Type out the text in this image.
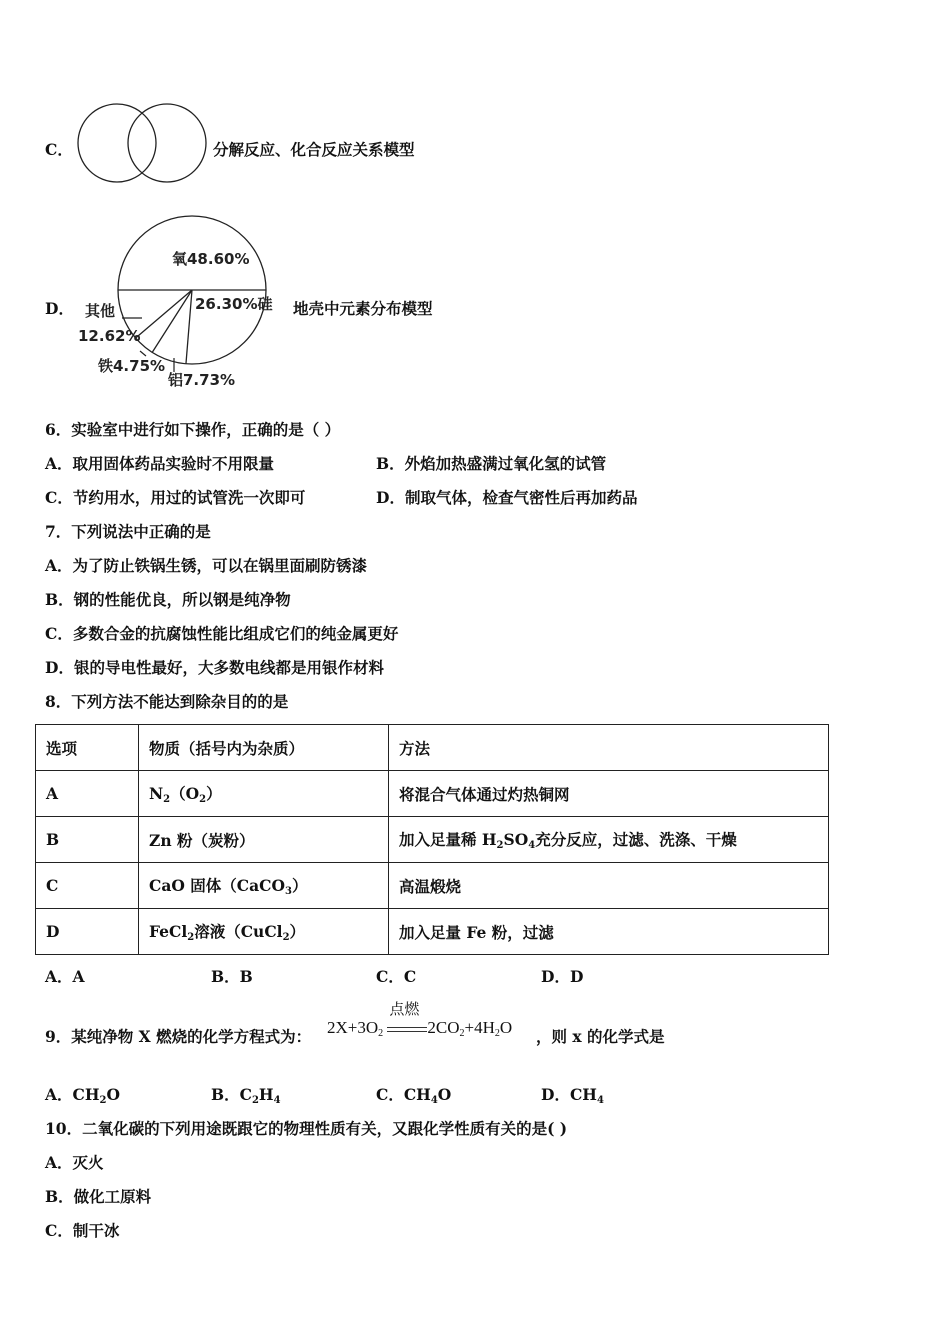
C．	分解反应、化合反应关系模型
D．
氧48.60%
26.30%硅
其他
12.62%
铁4.75%
铝7.73%
地壳中元素分布模型
6．实验室中进行如下操作，正确的是（ ）
A．取用固体药品实验时不用限量	B．外焰加热盛满过氧化氢的试管
C．节约用水，用过的试管洗一次即可	D．制取气体，检查气密性后再加药品
7．下列说法中正确的是
A．为了防止铁锅生锈，可以在锅里面刷防锈漆
B．钢的性能优良，所以钢是纯净物
C．多数合金的抗腐蚀性能比组成它们的纯金属更好
D．银的导电性最好，大多数电线都是用银作材料
8．下列方法不能达到除杂目的的是
选项	物质（括号内为杂质）	方法
A	N2（O2）	将混合气体通过灼热铜网
B	Zn 粉（炭粉）	加入足量稀 H2SO4充分反应，过滤、洗涤、干燥
C	CaO 固体（CaCO3）	高温煅烧
D	FeCl2溶液（CuCl2）	加入足量 Fe 粉，过滤
A．A	B．B	C．C	D．D
9．某纯净物 X 燃烧的化学方程式为： 2X+3O2
点燃
2CO2+4H2O ，则 x 的化学式是
A．CH2O	B．C2H4	C．CH4O	D．CH4
10．二氧化碳的下列用途既跟它的物理性质有关，又跟化学性质有关的是( )
A．灭火
B．做化工原料
C．制干冰
